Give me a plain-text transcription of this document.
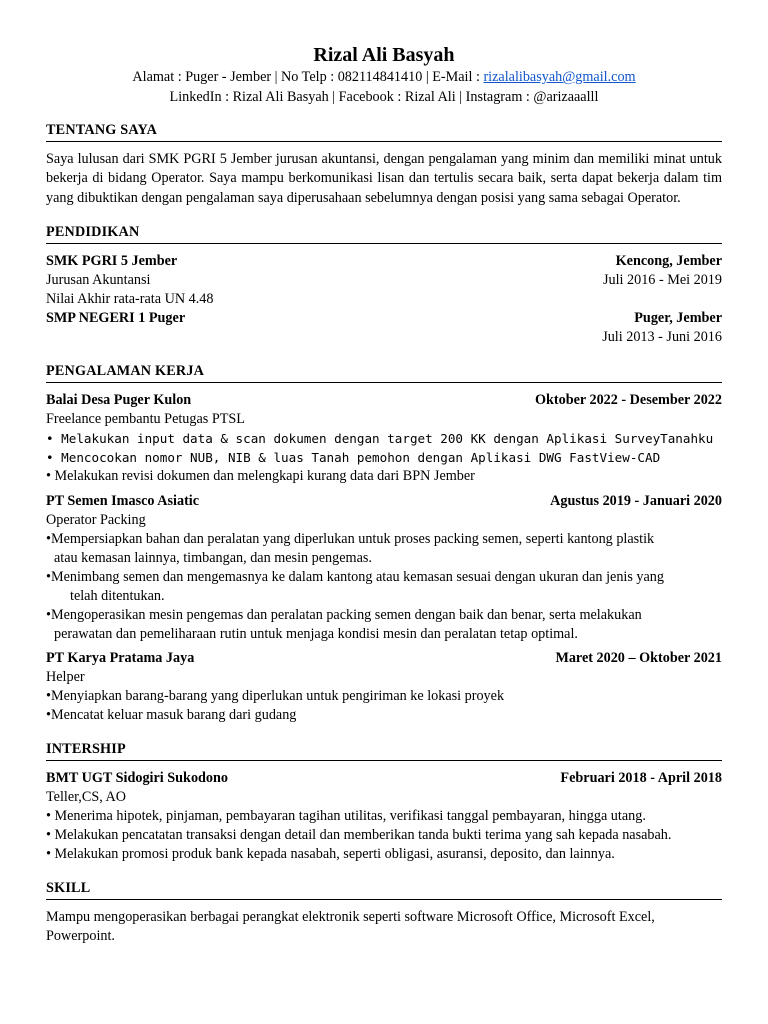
Rizal Ali Basyah
Alamat : Puger - Jember | No Telp : 082114841410 | E-Mail : rizalalibasyah@gmail.com
LinkedIn : Rizal Ali Basyah | Facebook : Rizal Ali | Instagram : @arizaaalll
TENTANG SAYA
Saya lulusan dari SMK PGRI 5 Jember jurusan akuntansi, dengan pengalaman yang minim dan memiliki minat untuk bekerja di bidang Operator. Saya mampu berkomunikasi lisan dan tertulis secara baik, serta dapat bekerja dalam tim yang dibuktikan dengan pengalaman saya diperusahaan sebelumnya dengan posisi yang sama sebagai Operator.
PENDIDIKAN
SMK PGRI 5 Jember	Kencong, Jember
Jurusan Akuntansi	Juli 2016 - Mei 2019
Nilai Akhir rata-rata UN 4.48
SMP NEGERI 1 Puger	Puger, Jember
Juli 2013 - Juni 2016
PENGALAMAN KERJA
Balai Desa Puger Kulon	Oktober 2022 - Desember 2022
Freelance pembantu Petugas PTSL
• Melakukan input data & scan dokumen dengan target 200 KK dengan Aplikasi SurveyTanahku
• Mencocokan nomor NUB, NIB & luas Tanah pemohon dengan Aplikasi DWG FastView-CAD
• Melakukan revisi dokumen dan melengkapi kurang data dari BPN Jember
PT Semen Imasco Asiatic	Agustus 2019 - Januari 2020
Operator Packing
•Mempersiapkan bahan dan peralatan yang diperlukan untuk proses packing semen, seperti kantong plastik
atau kemasan lainnya, timbangan, dan mesin pengemas.
•Menimbang semen dan mengemasnya ke dalam kantong atau kemasan sesuai dengan ukuran dan jenis yang
telah ditentukan.
•Mengoperasikan mesin pengemas dan peralatan packing semen dengan baik dan benar, serta melakukan
perawatan dan pemeliharaan rutin untuk menjaga kondisi mesin dan peralatan tetap optimal.
PT Karya Pratama Jaya	Maret 2020 – Oktober 2021
Helper
•Menyiapkan barang-barang yang diperlukan untuk pengiriman ke lokasi proyek
•Mencatat keluar masuk barang dari gudang
INTERSHIP
BMT UGT Sidogiri Sukodono	Februari 2018 - April 2018
Teller,CS, AO
• Menerima hipotek, pinjaman, pembayaran tagihan utilitas, verifikasi tanggal pembayaran, hingga utang.
• Melakukan pencatatan transaksi dengan detail dan memberikan tanda bukti terima yang sah kepada nasabah.
• Melakukan promosi produk bank kepada nasabah, seperti obligasi, asuransi, deposito, dan lainnya.
SKILL
Mampu mengoperasikan berbagai perangkat elektronik seperti software Microsoft Office, Microsoft Excel, Powerpoint.
